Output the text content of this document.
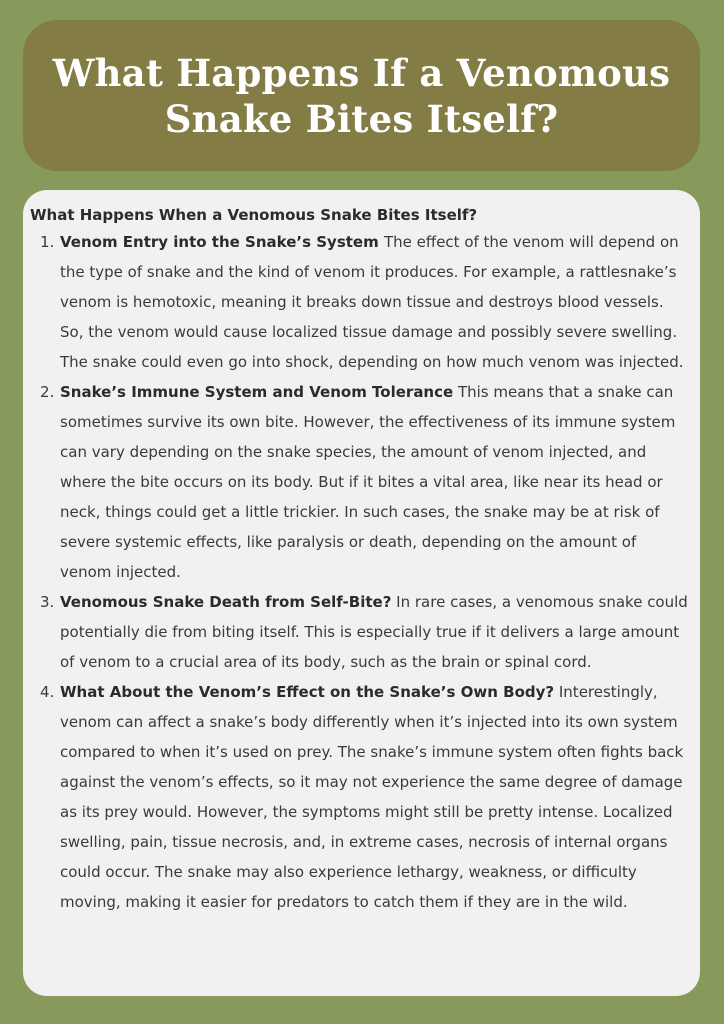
What Happens If a Venomous Snake Bites Itself?
What Happens When a Venomous Snake Bites Itself?
1. Venom Entry into the Snake’s System The effect of the venom will depend on the type of snake and the kind of venom it produces. For example, a rattlesnake’s venom is hemotoxic, meaning it breaks down tissue and destroys blood vessels. So, the venom would cause localized tissue damage and possibly severe swelling. The snake could even go into shock, depending on how much venom was injected.
2. Snake’s Immune System and Venom Tolerance This means that a snake can sometimes survive its own bite. However, the effectiveness of its immune system can vary depending on the snake species, the amount of venom injected, and where the bite occurs on its body. But if it bites a vital area, like near its head or neck, things could get a little trickier. In such cases, the snake may be at risk of severe systemic effects, like paralysis or death, depending on the amount of venom injected.
3. Venomous Snake Death from Self-Bite? In rare cases, a venomous snake could potentially die from biting itself. This is especially true if it delivers a large amount of venom to a crucial area of its body, such as the brain or spinal cord.
4. What About the Venom’s Effect on the Snake’s Own Body? Interestingly, venom can affect a snake’s body differently when it’s injected into its own system compared to when it’s used on prey. The snake’s immune system often fights back against the venom’s effects, so it may not experience the same degree of damage as its prey would. However, the symptoms might still be pretty intense. Localized swelling, pain, tissue necrosis, and, in extreme cases, necrosis of internal organs could occur. The snake may also experience lethargy, weakness, or difficulty moving, making it easier for predators to catch them if they are in the wild.
